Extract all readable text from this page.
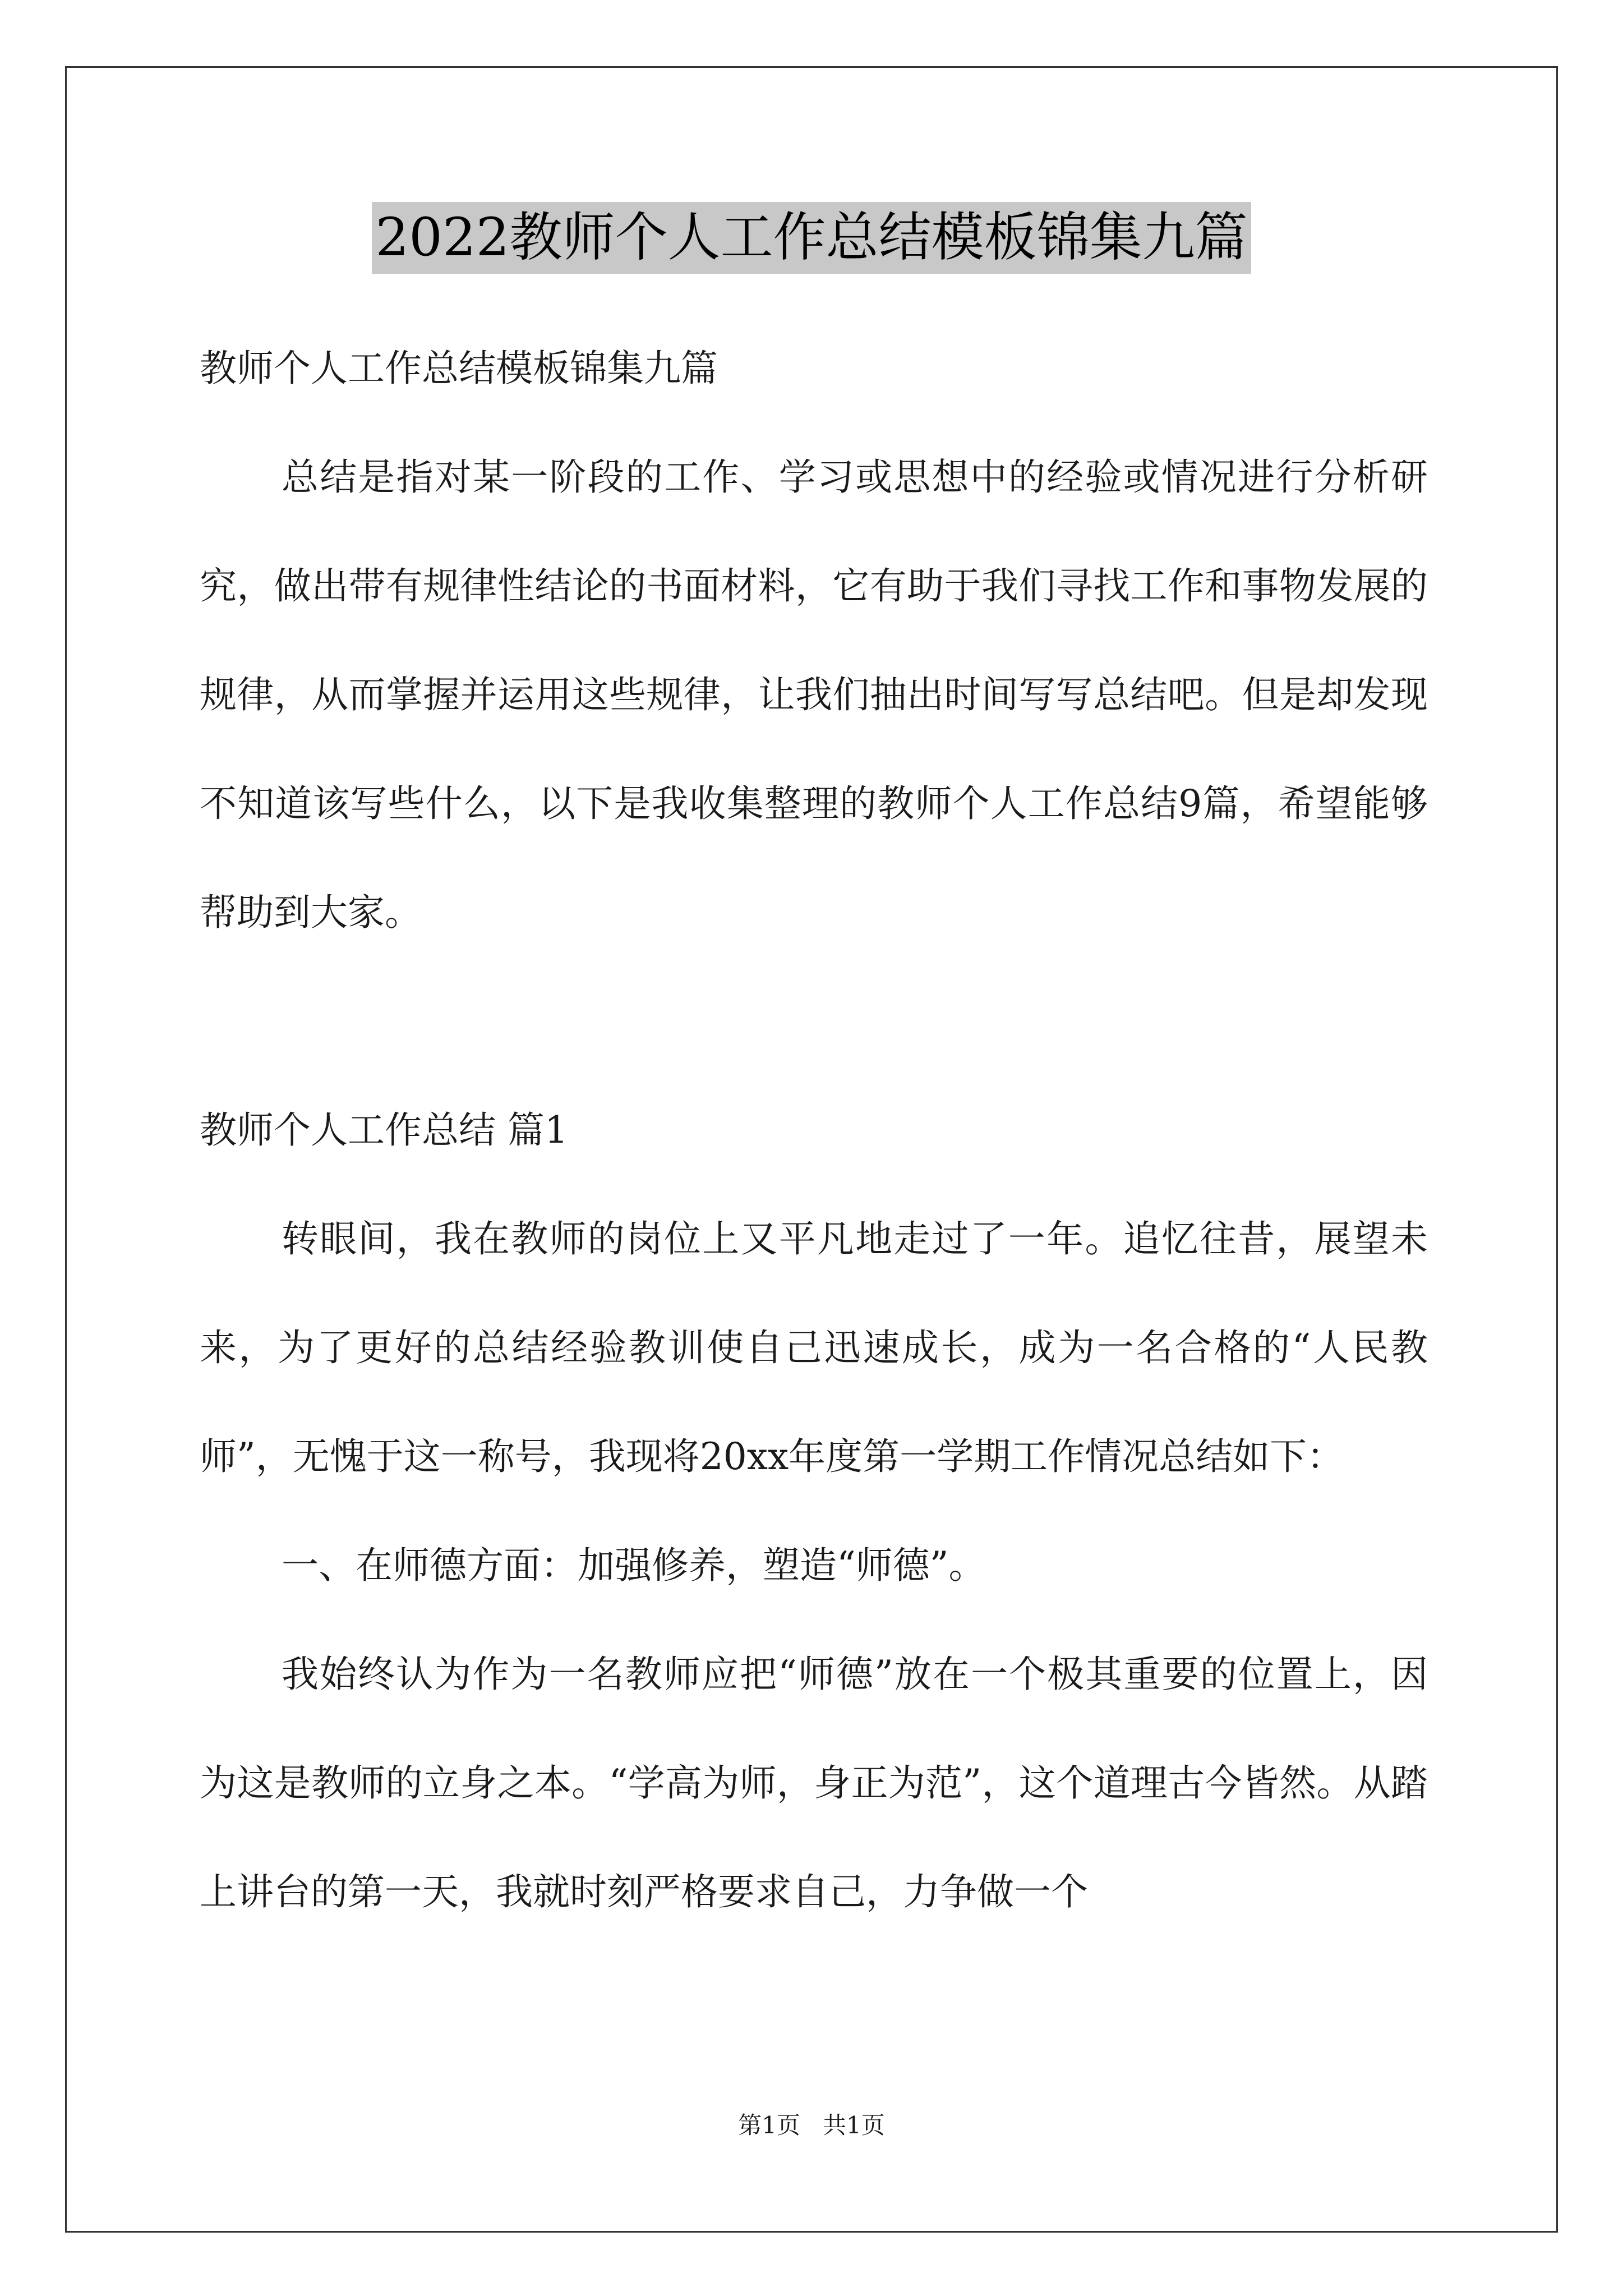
2022教师个人工作总结模板锦集九篇

教师个人工作总结模板锦集九篇

总结是指对某一阶段的工作、学习或思想中的经验或情况进行分析研究，做出带有规律性结论的书面材料，它有助于我们寻找工作和事物发展的规律，从而掌握并运用这些规律，让我们抽出时间写写总结吧。但是却发现不知道该写些什么，以下是我收集整理的教师个人工作总结9篇，希望能够帮助到大家。

教师个人工作总结 篇1

转眼间，我在教师的岗位上又平凡地走过了一年。追忆往昔，展望未来，为了更好的总结经验教训使自己迅速成长，成为一名合格的“人民教师”，无愧于这一称号，我现将20xx年度第一学期工作情况总结如下：

一、在师德方面：加强修养，塑造“师德”。

我始终认为作为一名教师应把“师德”放在一个极其重要的位置上，因为这是教师的立身之本。“学高为师，身正为范”，这个道理古今皆然。从踏上讲台的第一天，我就时刻严格要求自己，力争做一个

第1页   共1页
